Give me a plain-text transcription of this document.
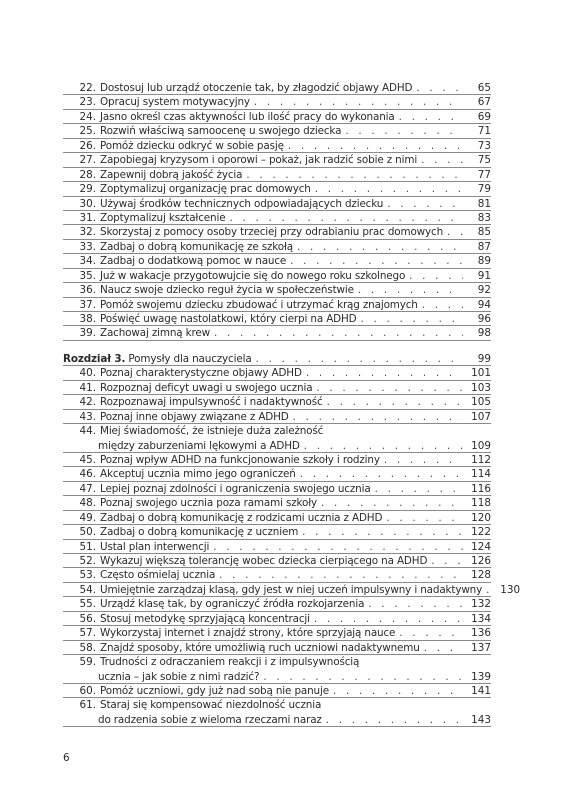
22. Dostosuj lub urządź otoczenie tak, by złagodzić objawy ADHD . . .	65
23. Opracuj system motywacyjny . . .	67
24. Jasno określ czas aktywności lub ilość pracy do wykonania . . .	69
25. Rozwiń właściwą samoocenę u swojego dziecka . . .	71
26. Pomóż dziecku odkryć w sobie pasję . . .	73
27. Zapobiegaj kryzysom i oporowi – pokaż, jak radzić sobie z nimi . . .	75
28. Zapewnij dobrą jakość życia . . .	77
29. Zoptymalizuj organizację prac domowych . . .	79
30. Używaj środków technicznych odpowiadających dziecku . . .	81
31. Zoptymalizuj kształcenie . . .	83
32. Skorzystaj z pomocy osoby trzeciej przy odrabianiu prac domowych . . .	85
33. Zadbaj o dobrą komunikację ze szkołą . . .	87
34. Zadbaj o dodatkową pomoc w nauce . . .	89
35. Już w wakacje przygotowujcie się do nowego roku szkolnego . . .	91
36. Naucz swoje dziecko reguł życia w społeczeństwie . . .	92
37. Pomóż swojemu dziecku zbudować i utrzymać krąg znajomych . . .	94
38. Poświęć uwagę nastolatkowi, który cierpi na ADHD . . .	96
39. Zachowaj zimną krew . . .	98
Rozdział 3. Pomysły dla nauczyciela . . .	99
40. Poznaj charakterystyczne objawy ADHD . . .	101
41. Rozpoznaj deficyt uwagi u swojego ucznia . . .	103
42. Rozpoznawaj impulsywność i nadaktywność . . .	105
43. Poznaj inne objawy związane z ADHD . . .	107
44. Miej świadomość, że istnieje duża zależność
między zaburzeniami lękowymi a ADHD . . .	109
45. Poznaj wpływ ADHD na funkcjonowanie szkoły i rodziny . . .	112
46. Akceptuj ucznia mimo jego ograniczeń . . .	114
47. Lepiej poznaj zdolności i ograniczenia swojego ucznia . . .	116
48. Poznaj swojego ucznia poza ramami szkoły . . .	118
49. Zadbaj o dobrą komunikację z rodzicami ucznia z ADHD . . .	120
50. Zadbaj o dobrą komunikację z uczniem . . .	122
51. Ustal plan interwencji . . .	124
52. Wykazuj większą tolerancję wobec dziecka cierpiącego na ADHD . . .	126
53. Często ośmielaj ucznia . . .	128
54. Umiejętnie zarządzaj klasą, gdy jest w niej uczeń impulsywny i nadaktywny . . .	130
55. Urządź klasę tak, by ograniczyć źródła rozkojarzenia . . .	132
56. Stosuj metodykę sprzyjającą koncentracji . . .	134
57. Wykorzystaj internet i znajdź strony, które sprzyjają nauce . . .	136
58. Znajdź sposoby, które umożliwią ruch uczniowi nadaktywnemu . . .	137
59. Trudności z odraczaniem reakcji i z impulsywnością
ucznia – jak sobie z nimi radzić? . . .	139
60. Pomóż uczniowi, gdy już nad sobą nie panuje . . .	141
61. Staraj się kompensować niezdolność ucznia
do radzenia sobie z wieloma rzeczami naraz . . .	143
6
